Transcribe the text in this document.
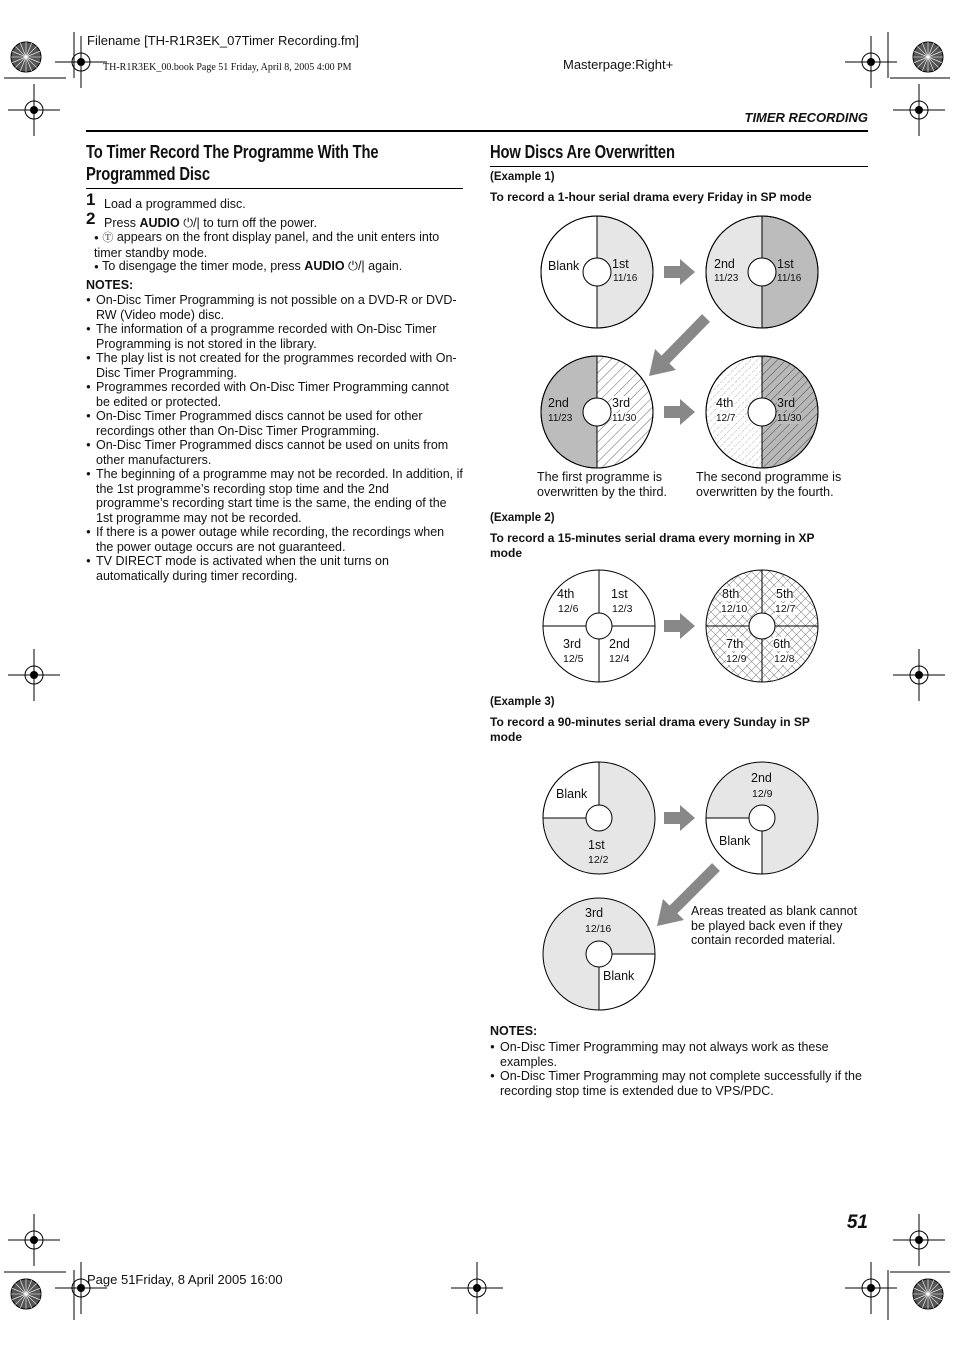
Filename [TH-R1R3EK_07Timer Recording.fm]
TH-R1R3EK_00.book Page 51 Friday, April 8, 2005 4:00 PM	Masterpage:Right+
TIMER RECORDING
To Timer Record The Programme With The
Programmed Disc
1 Load a programmed disc.
2 Press AUDIO ⏻/| to turn off the power.
● Ⓣ appears on the front display panel, and the unit enters into timer standby mode.
● To disengage the timer mode, press AUDIO ⏻/| again.
NOTES:
● On-Disc Timer Programming is not possible on a DVD-R or DVD-RW (Video mode) disc.
● The information of a programme recorded with On-Disc Timer Programming is not stored in the library.
● The play list is not created for the programmes recorded with On-Disc Timer Programming.
● Programmes recorded with On-Disc Timer Programming cannot be edited or protected.
● On-Disc Timer Programmed discs cannot be used for other recordings other than On-Disc Timer Programming.
● On-Disc Timer Programmed discs cannot be used on units from other manufacturers.
● The beginning of a programme may not be recorded. In addition, if the 1st programme’s recording stop time and the 2nd programme’s recording start time is the same, the ending of the 1st programme may not be recorded.
● If there is a power outage while recording, the recordings when the power outage occurs are not guaranteed.
● TV DIRECT mode is activated when the unit turns on automatically during timer recording.
How Discs Are Overwritten
(Example 1)
To record a 1-hour serial drama every Friday in SP mode
(Example 2)
To record a 15-minutes serial drama every morning in XP
mode
(Example 3)
To record a 90-minutes serial drama every Sunday in SP
mode
Blank	1st
11/16
2nd
11/23
1st
11/16
2nd
11/23
3rd
11/30
4th
12/7
3rd
11/30
4th
12/6
1st
12/3
3rd
12/5
2nd
12/4
8th
12/10
5th
12/7
7th
12/9
6th
12/8
Blank
1st
12/2
2nd
12/9
Blank
3rd
12/16
Blank
The first programme is
overwritten by the third.
The second programme is
overwritten by the fourth.
Areas treated as blank cannot
be played back even if they
contain recorded material.
NOTES:
● On-Disc Timer Programming may not always work as these examples.
● On-Disc Timer Programming may not complete successfully if the recording stop time is extended due to VPS/PDC.
51
Page 51Friday, 8 April 2005 16:00
